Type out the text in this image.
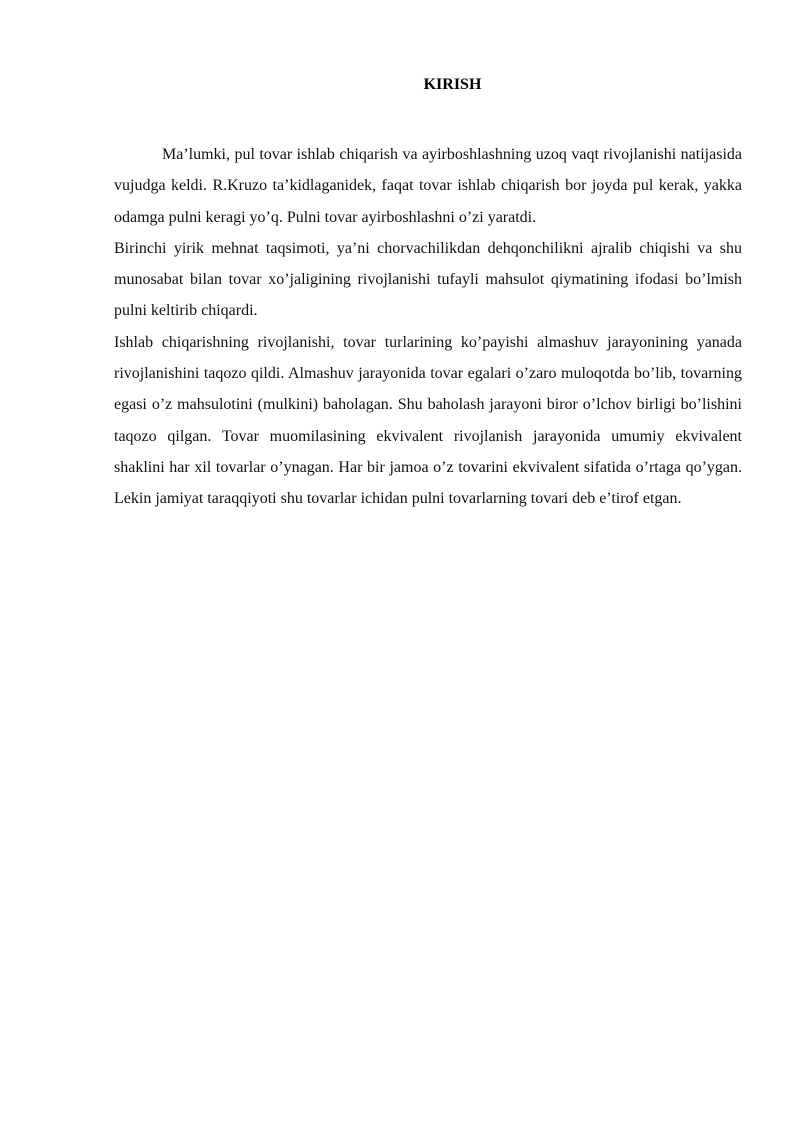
KIRISH

Ma’lumki, pul tovar ishlab chiqarish va ayirboshlashning uzoq vaqt rivojlanishi natijasida vujudga keldi. R.Kruzo ta’kidlaganidek, faqat tovar ishlab chiqarish bor joyda pul kerak, yakka odamga pulni keragi yo’q. Pulni tovar ayirboshlashni o’zi yaratdi.

Birinchi yirik mehnat taqsimoti, ya’ni chorvachilikdan dehqonchilikni ajralib chiqishi va shu munosabat bilan tovar xo’jaligining rivojlanishi tufayli mahsulot qiymatining ifodasi bo’lmish pulni keltirib chiqardi.

Ishlab chiqarishning rivojlanishi, tovar turlarining ko’payishi almashuv jarayonining yanada rivojlanishini taqozo qildi. Almashuv jarayonida tovar egalari o’zaro muloqotda bo’lib, tovarning egasi o’z mahsulotini (mulkini) baholagan. Shu baholash jarayoni biror o’lchov birligi bo’lishini taqozo qilgan. Tovar muomilasining ekvivalent rivojlanish jarayonida umumiy ekvivalent shaklini har xil tovarlar o’ynagan. Har bir jamoa o’z tovarini ekvivalent sifatida o’rtaga qo’ygan. Lekin jamiyat taraqqiyoti shu tovarlar ichidan pulni tovarlarning tovari deb e’tirof etgan.
